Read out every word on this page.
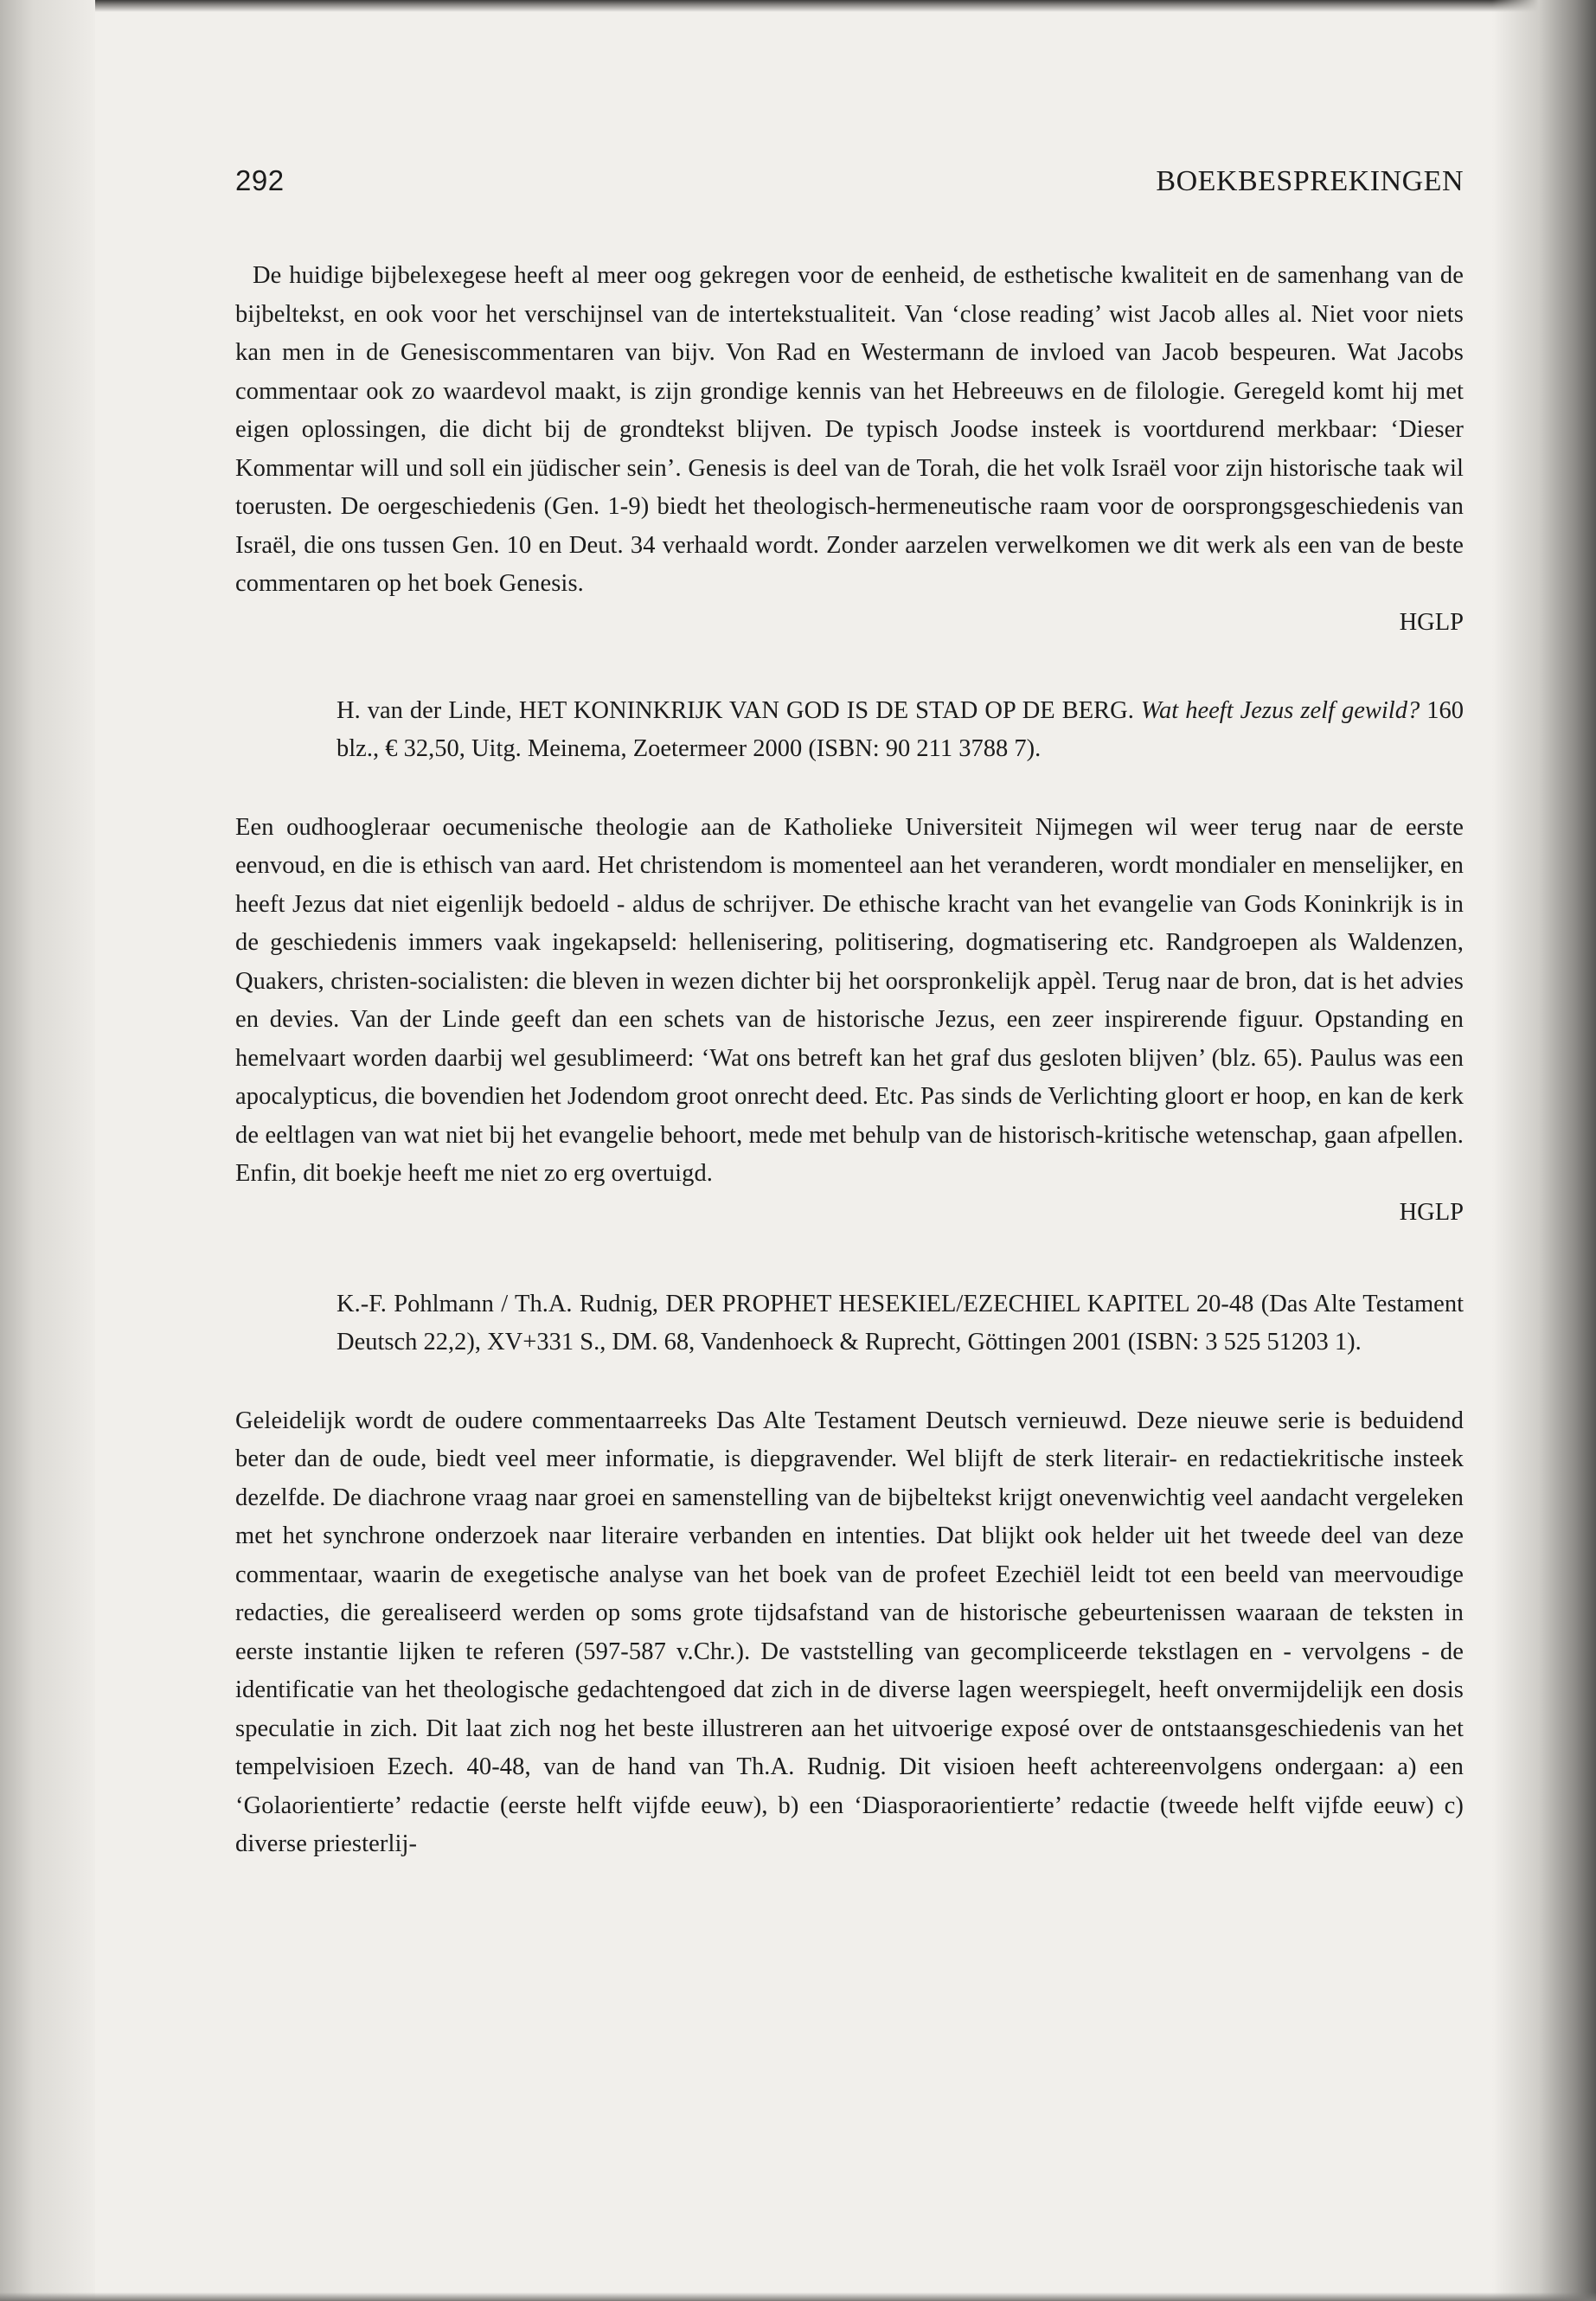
292	BOEKBESPREKINGEN

De huidige bijbelexegese heeft al meer oog gekregen voor de eenheid, de esthetische kwaliteit en de samenhang van de bijbeltekst, en ook voor het verschijnsel van de intertekstualiteit. Van ‘close reading’ wist Jacob alles al. Niet voor niets kan men in de Genesiscommentaren van bijv. Von Rad en Westermann de invloed van Jacob bespeuren. Wat Jacobs commentaar ook zo waardevol maakt, is zijn grondige kennis van het Hebreeuws en de filologie. Geregeld komt hij met eigen oplossingen, die dicht bij de grondtekst blijven. De typisch Joodse insteek is voortdurend merkbaar: ‘Dieser Kommentar will und soll ein jüdischer sein’. Genesis is deel van de Torah, die het volk Israël voor zijn historische taak wil toerusten. De oergeschiedenis (Gen. 1-9) biedt het theologisch-hermeneutische raam voor de oorsprongsgeschiedenis van Israël, die ons tussen Gen. 10 en Deut. 34 verhaald wordt. Zonder aarzelen verwelkomen we dit werk als een van de beste commentaren op het boek Genesis.

HGLP

H. van der Linde, HET KONINKRIJK VAN GOD IS DE STAD OP DE BERG. Wat heeft Jezus zelf gewild? 160 blz., € 32,50, Uitg. Meinema, Zoetermeer 2000 (ISBN: 90 211 3788 7).

Een oudhoogleraar oecumenische theologie aan de Katholieke Universiteit Nijmegen wil weer terug naar de eerste eenvoud, en die is ethisch van aard. Het christendom is momenteel aan het veranderen, wordt mondialer en menselijker, en heeft Jezus dat niet eigenlijk bedoeld - aldus de schrijver. De ethische kracht van het evangelie van Gods Koninkrijk is in de geschiedenis immers vaak ingekapseld: hellenisering, politisering, dogmatisering etc. Randgroepen als Waldenzen, Quakers, christen-socialisten: die bleven in wezen dichter bij het oorspronkelijk appèl. Terug naar de bron, dat is het advies en devies. Van der Linde geeft dan een schets van de historische Jezus, een zeer inspirerende figuur. Opstanding en hemelvaart worden daarbij wel gesublimeerd: ‘Wat ons betreft kan het graf dus gesloten blijven’ (blz. 65). Paulus was een apocalypticus, die bovendien het Jodendom groot onrecht deed. Etc. Pas sinds de Verlichting gloort er hoop, en kan de kerk de eeltlagen van wat niet bij het evangelie behoort, mede met behulp van de historisch-kritische wetenschap, gaan afpellen. Enfin, dit boekje heeft me niet zo erg overtuigd.

HGLP

K.-F. Pohlmann / Th.A. Rudnig, DER PROPHET HESEKIEL/EZECHIEL KAPITEL 20-48 (Das Alte Testament Deutsch 22,2), XV+331 S., DM. 68, Vandenhoeck & Ruprecht, Göttingen 2001 (ISBN: 3 525 51203 1).

Geleidelijk wordt de oudere commentaarreeks Das Alte Testament Deutsch vernieuwd. Deze nieuwe serie is beduidend beter dan de oude, biedt veel meer informatie, is diepgravender. Wel blijft de sterk literair- en redactiekritische insteek dezelfde. De diachrone vraag naar groei en samenstelling van de bijbeltekst krijgt onevenwichtig veel aandacht vergeleken met het synchrone onderzoek naar literaire verbanden en intenties. Dat blijkt ook helder uit het tweede deel van deze commentaar, waarin de exegetische analyse van het boek van de profeet Ezechiël leidt tot een beeld van meervoudige redacties, die gerealiseerd werden op soms grote tijdsafstand van de historische gebeurtenissen waaraan de teksten in eerste instantie lijken te referen (597-587 v.Chr.). De vaststelling van gecompliceerde tekstlagen en - vervolgens - de identificatie van het theologische gedachtengoed dat zich in de diverse lagen weerspiegelt, heeft onvermijdelijk een dosis speculatie in zich. Dit laat zich nog het beste illustreren aan het uitvoerige exposé over de ontstaansgeschiedenis van het tempelvisioen Ezech. 40-48, van de hand van Th.A. Rudnig. Dit visioen heeft achtereenvolgens ondergaan: a) een ‘Golaorientierte’ redactie (eerste helft vijfde eeuw), b) een ‘Diasporaorientierte’ redactie (tweede helft vijfde eeuw) c) diverse priesterlij-
